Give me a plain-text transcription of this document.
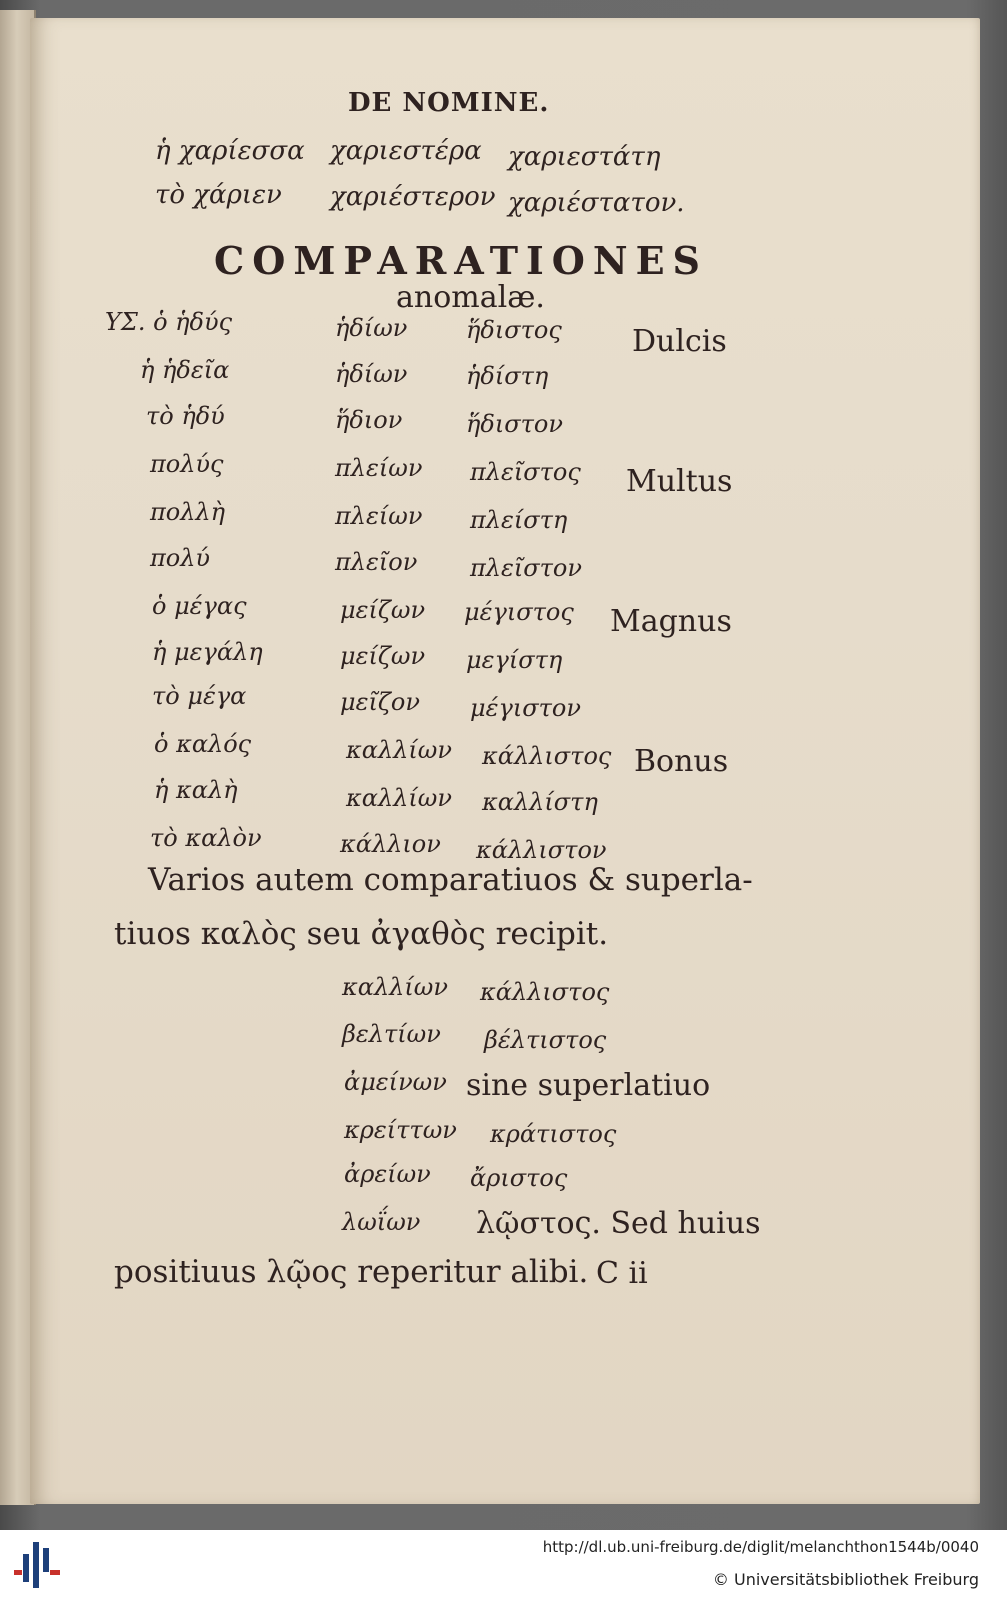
DE NOMINE.
ἡ χαρίεσσα χαριεστέρα χαριεστάτη
τὸ χάριεν χαριέστερον χαριέστατον.
COMPARATIONES
anomalæ.
ΥΣ. ὁ ἡδύς	ἡδίων ἥδιστος Dulcis
ἡ ἡδεῖα	ἡδίων ἡδίστη
τὸ ἡδύ	ἥδιον	ἥδιστον
πολύς	πλείων πλεῖστος Multus
πολλὴ	πλείων πλείστη
πολύ	πλεῖον πλεῖστον
ὁ μέγας	μείζων μέγιστος Magnus
ἡ μεγάλη	μείζων μεγίστη
τὸ μέγα	μεῖζον μέγιστον
ὁ καλός	καλλίων κάλλιστος Bonus
ἡ καλὴ	καλλίων καλλίστη
τὸ καλὸν	κάλλιον κάλλιστον
Varios autem comparatiuos & superla-
tiuos καλὸς seu ἀγαθὸς recipit.
καλλίων κάλλιστος
βελτίων βέλτιστος
ἀμείνων sine superlatiuo
κρείττων κράτιστος
ἀρείων ἄριστος
λωΐων λῷστος. Sed huius
positiuus λῷος reperitur alibi. C ii
http://dl.ub.uni-freiburg.de/diglit/melanchthon1544b/0040
© Universitätsbibliothek Freiburg
